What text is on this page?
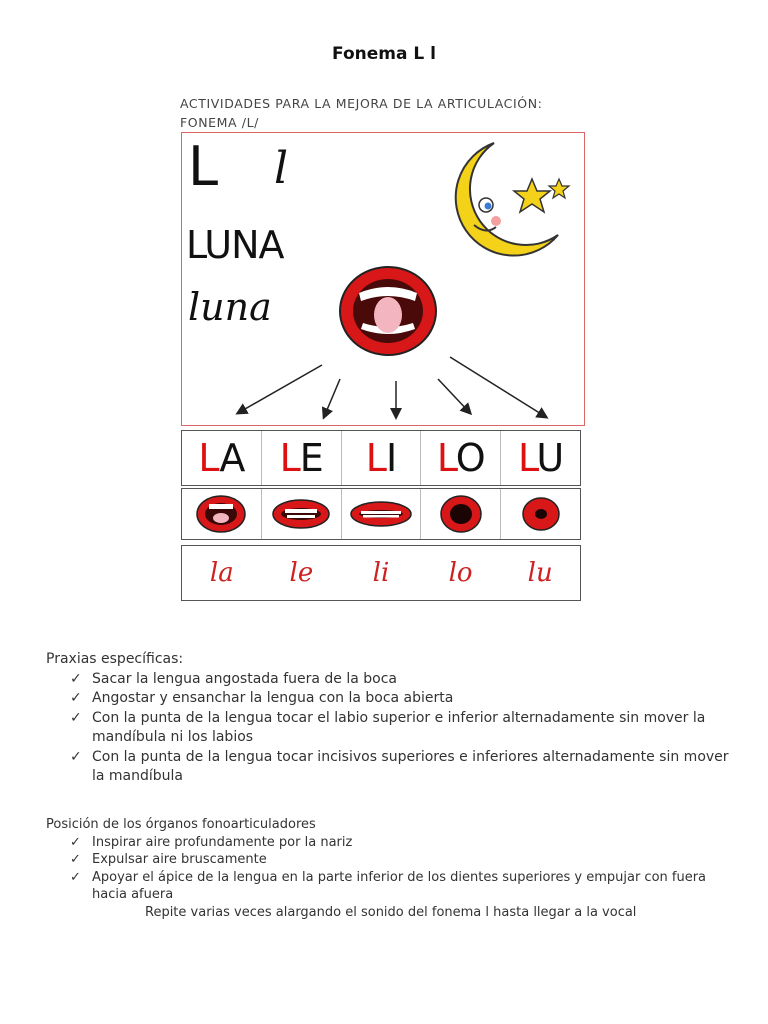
Fonema L l
ACTIVIDADES PARA LA MEJORA DE LA ARTICULACIÓN:
FONEMA /L/
L l
LUNA
luna
LA LE LI LO LU
la le li lo lu
Praxias específicas:
✓ Sacar la lengua angostada fuera de la boca
✓ Angostar y ensanchar la lengua con la boca abierta
✓ Con la punta de la lengua tocar el labio superior e inferior alternadamente sin mover la mandíbula ni los labios
✓ Con la punta de la lengua tocar incisivos superiores e inferiores alternadamente sin mover la mandíbula
Posición de los órganos fonoarticuladores
✓ Inspirar aire profundamente por la nariz
✓ Expulsar aire bruscamente
✓ Apoyar el ápice de la lengua en la parte inferior de los dientes superiores y empujar con fuera hacia afuera
Repite varias veces alargando el sonido del fonema l hasta llegar a la vocal
